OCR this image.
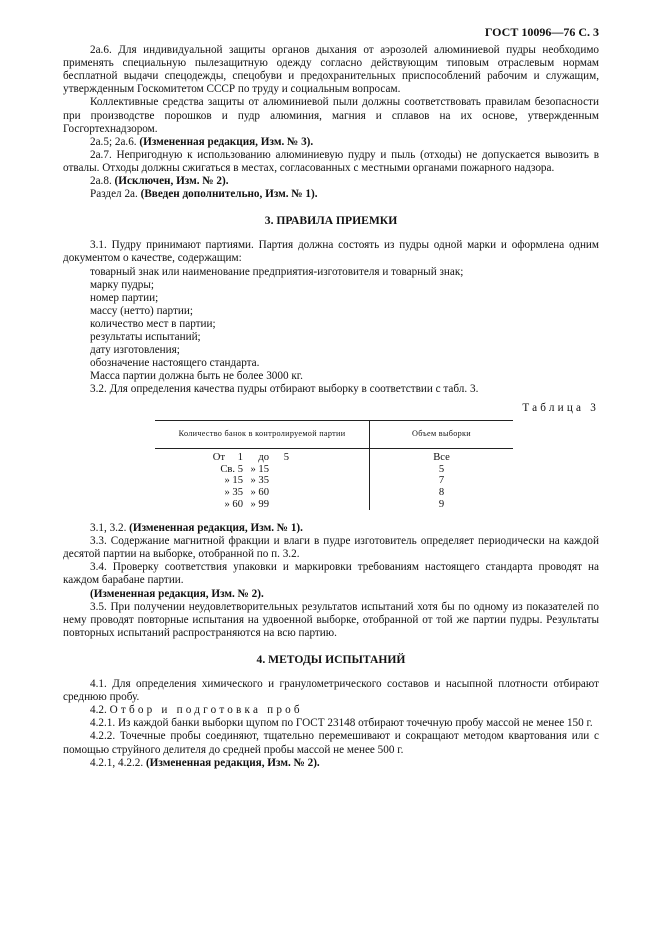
ГОСТ 10096—76 С. 3

2а.6. Для индивидуальной защиты органов дыхания от аэрозолей алюминиевой пудры необходимо применять специальную пылезащитную одежду согласно действующим типовым отраслевым нормам бесплатной выдачи спецодежды, спецобуви и предохранительных приспособлений рабочим и служащим, утвержденным Госкомитетом СССР по труду и социальным вопросам.

Коллективные средства защиты от алюминиевой пыли должны соответствовать правилам безопасности при производстве порошков и пудр алюминия, магния и сплавов на их основе, утвержденным Госгортехнадзором.

2а.5; 2а.6. (Измененная редакция, Изм. № 3).

2а.7. Непригодную к использованию алюминиевую пудру и пыль (отходы) не допускается вывозить в отвалы. Отходы должны сжигаться в местах, согласованных с местными органами пожарного надзора.

2а.8. (Исключен, Изм. № 2).

Раздел 2а. (Введен дополнительно, Изм. № 1).

3. ПРАВИЛА ПРИЕМКИ

3.1. Пудру принимают партиями. Партия должна состоять из пудры одной марки и оформлена одним документом о качестве, содержащим:

товарный знак или наименование предприятия-изготовителя и товарный знак;

марку пудры;

номер партии;

массу (нетто) партии;

количество мест в партии;

результаты испытаний;

дату изготовления;

обозначение настоящего стандарта.

Масса партии должна быть не более 3000 кг.

3.2. Для определения качества пудры отбирают выборку в соответствии с табл. 3.

Таблица 3
Количество банок в контролируемой партии	Объем выборки

От 1 до 5	Все
Св. 5 » 15	5
» 15 » 35	7
» 35 » 60	8
» 60 » 99	9

3.1, 3.2. (Измененная редакция, Изм. № 1).

3.3. Содержание магнитной фракции и влаги в пудре изготовитель определяет периодически на каждой десятой партии на выборке, отобранной по п. 3.2.

3.4. Проверку соответствия упаковки и маркировки требованиям настоящего стандарта проводят на каждом барабане партии.

(Измененная редакция, Изм. № 2).

3.5. При получении неудовлетворительных результатов испытаний хотя бы по одному из показателей по нему проводят повторные испытания на удвоенной выборке, отобранной от той же партии пудры. Результаты повторных испытаний распространяются на всю партию.

4. МЕТОДЫ ИСПЫТАНИЙ

4.1. Для определения химического и гранулометрического составов и насыпной плотности отбирают среднюю пробу.

4.2. Отбор и подготовка проб

4.2.1. Из каждой банки выборки щупом по ГОСТ 23148 отбирают точечную пробу массой не менее 150 г.

4.2.2. Точечные пробы соединяют, тщательно перемешивают и сокращают методом квартования или с помощью струйного делителя до средней пробы массой не менее 500 г.

4.2.1, 4.2.2. (Измененная редакция, Изм. № 2).
